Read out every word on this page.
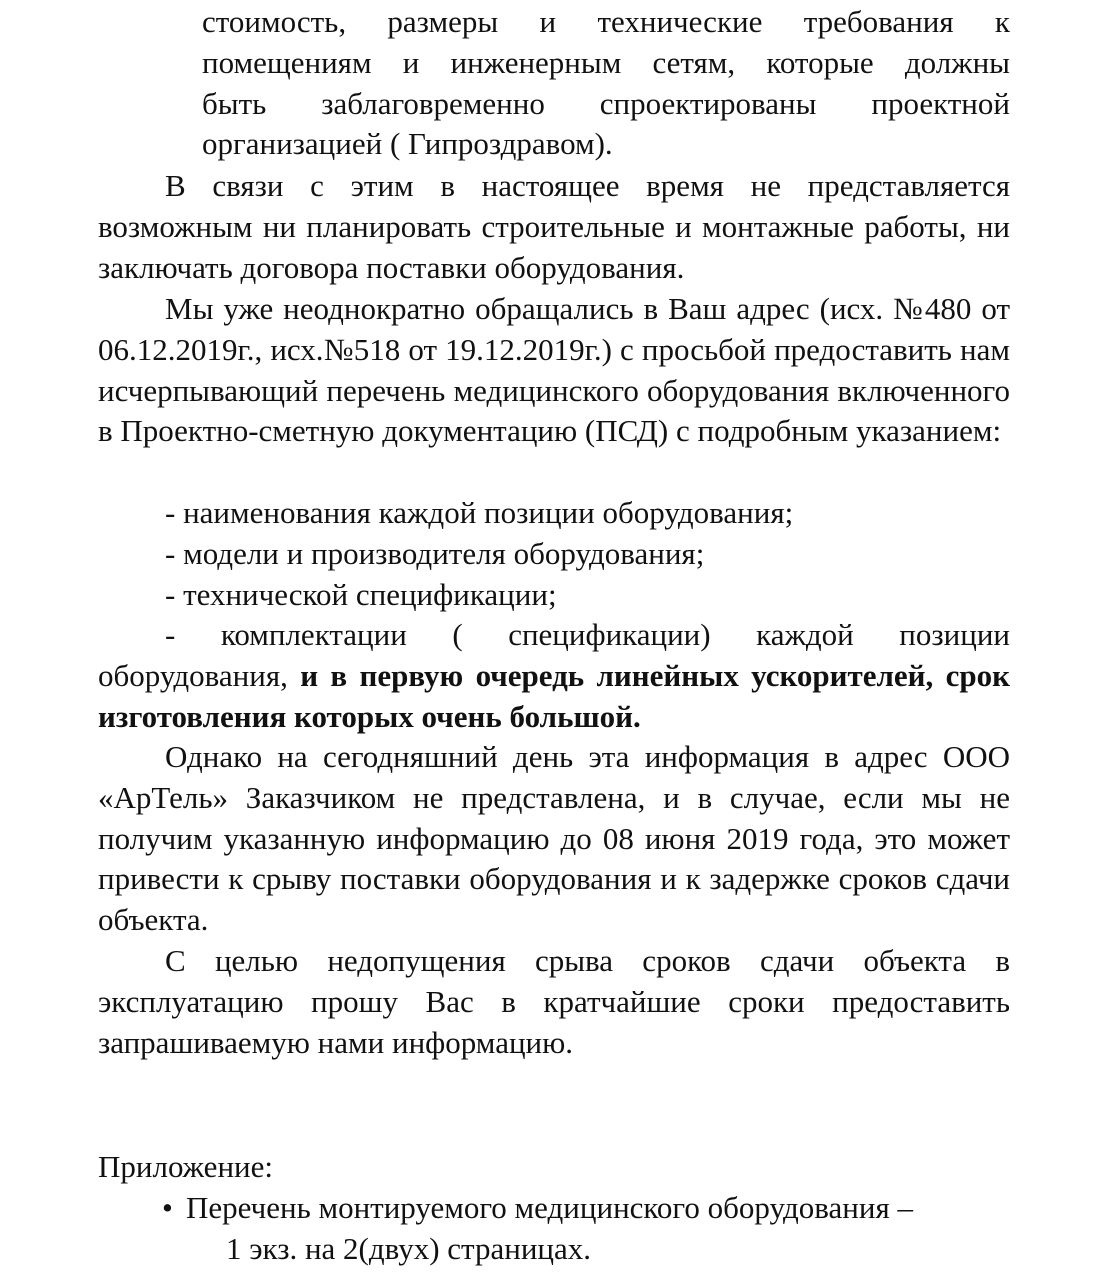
стоимость, размеры и технические требования к
помещениям и инженерным сетям, которые должны
быть заблаговременно спроектированы проектной
организацией ( Гипроздравом).

В связи с этим в настоящее время не представляется возможным ни планировать строительные и монтажные работы, ни заключать договора поставки оборудования.

Мы уже неоднократно обращались в Ваш адрес (исх. №480 от 06.12.2019г., исх.№518 от 19.12.2019г.) с просьбой предоставить нам исчерпывающий перечень медицинского оборудования включенного в Проектно-сметную документацию (ПСД) с подробным указанием:

- наименования каждой позиции оборудования;
- модели и производителя оборудования;
- технической спецификации;

- комплектации ( спецификации) каждой позиции оборудования, и в первую очередь линейных ускорителей, срок изготовления которых очень большой.

Однако на сегодняшний день эта информация в адрес ООО «АрТель» Заказчиком не представлена, и в случае, если мы не получим указанную информацию до 08 июня 2019 года, это может привести к срыву поставки оборудования и к задержке сроков сдачи объекта.

С целью недопущения срыва сроков сдачи объекта в эксплуатацию прошу Вас в кратчайшие сроки предоставить запрашиваемую нами информацию.

Приложение:

• Перечень монтируемого медицинского оборудования –
1 экз. на 2(двух) страницах.
